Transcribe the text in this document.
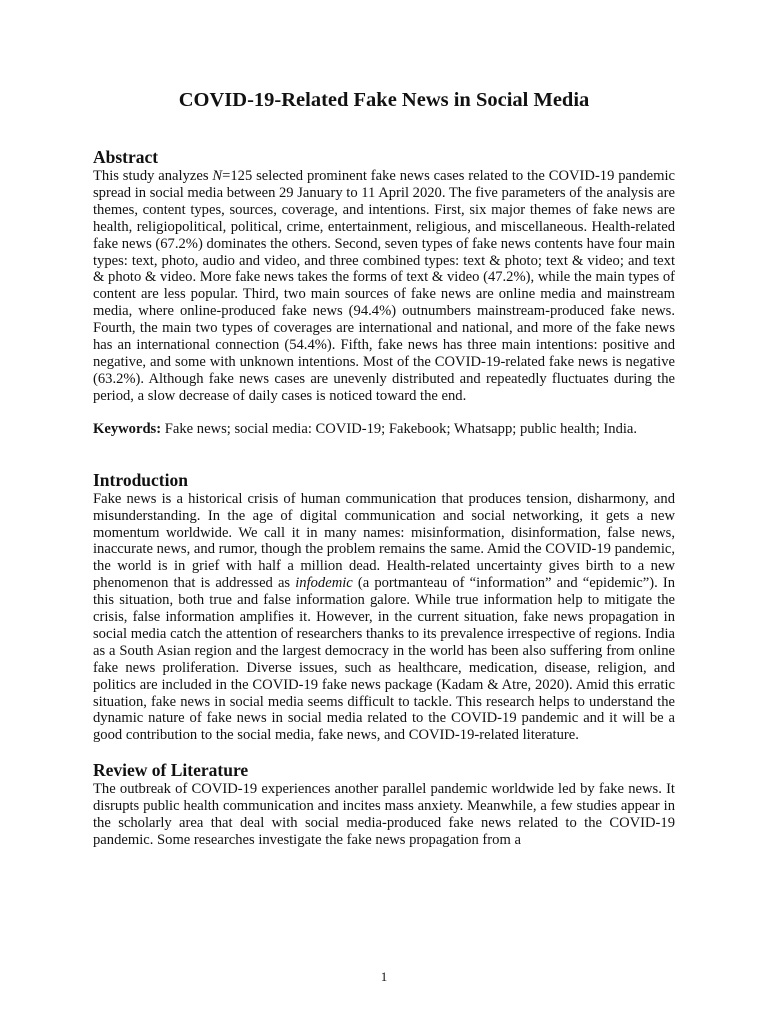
COVID-19-Related Fake News in Social Media
Abstract

This study analyzes N=125 selected prominent fake news cases related to the COVID-19 pandemic spread in social media between 29 January to 11 April 2020. The five parameters of the analysis are themes, content types, sources, coverage, and intentions. First, six major themes of fake news are health, religiopolitical, political, crime, entertainment, religious, and miscellaneous. Health-related fake news (67.2%) dominates the others. Second, seven types of fake news contents have four main types: text, photo, audio and video, and three combined types: text & photo; text & video; and text & photo & video. More fake news takes the forms of text & video (47.2%), while the main types of content are less popular. Third, two main sources of fake news are online media and mainstream media, where online-produced fake news (94.4%) outnumbers mainstream-produced fake news. Fourth, the main two types of coverages are international and national, and more of the fake news has an international connection (54.4%). Fifth, fake news has three main intentions: positive and negative, and some with unknown intentions. Most of the COVID-19-related fake news is negative (63.2%). Although fake news cases are unevenly distributed and repeatedly fluctuates during the period, a slow decrease of daily cases is noticed toward the end.

Keywords: Fake news; social media: COVID-19; Fakebook; Whatsapp; public health; India.

Introduction

Fake news is a historical crisis of human communication that produces tension, disharmony, and misunderstanding. In the age of digital communication and social networking, it gets a new momentum worldwide. We call it in many names: misinformation, disinformation, false news, inaccurate news, and rumor, though the problem remains the same. Amid the COVID-19 pandemic, the world is in grief with half a million dead. Health-related uncertainty gives birth to a new phenomenon that is addressed as infodemic (a portmanteau of “information” and “epidemic”). In this situation, both true and false information galore. While true information help to mitigate the crisis, false information amplifies it. However, in the current situation, fake news propagation in social media catch the attention of researchers thanks to its prevalence irrespective of regions. India as a South Asian region and the largest democracy in the world has been also suffering from online fake news proliferation. Diverse issues, such as healthcare, medication, disease, religion, and politics are included in the COVID-19 fake news package (Kadam & Atre, 2020). Amid this erratic situation, fake news in social media seems difficult to tackle. This research helps to understand the dynamic nature of fake news in social media related to the COVID-19 pandemic and it will be a good contribution to the social media, fake news, and COVID-19-related literature.

Review of Literature

The outbreak of COVID-19 experiences another parallel pandemic worldwide led by fake news. It disrupts public health communication and incites mass anxiety. Meanwhile, a few studies appear in the scholarly area that deal with social media-produced fake news related to the COVID-19 pandemic. Some researches investigate the fake news propagation from a

1
